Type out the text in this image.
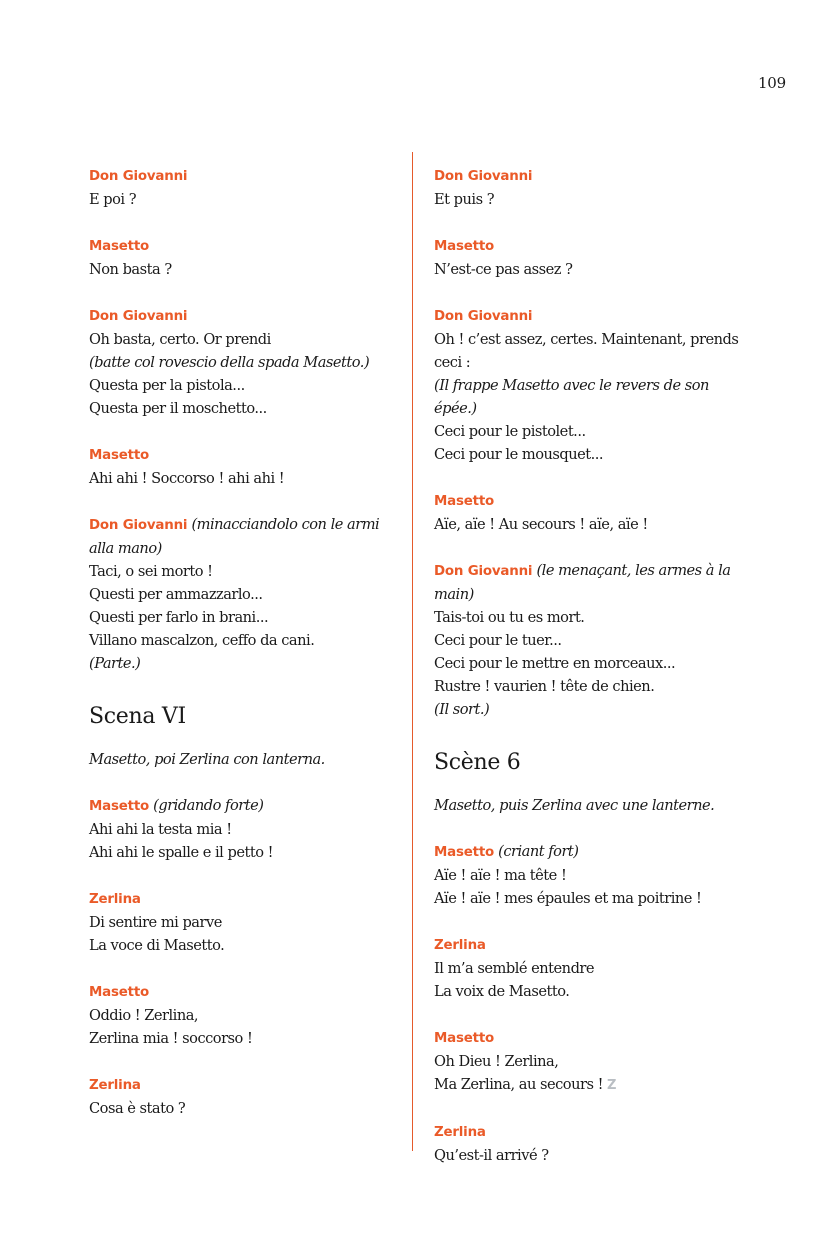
109
Don Giovanni
E poi ?
Masetto
Non basta ?
Don Giovanni
Oh basta, certo. Or prendi
(batte col rovescio della spada Masetto.)
Questa per la pistola...
Questa per il moschetto...
Masetto
Ahi ahi ! Soccorso ! ahi ahi !
Don Giovanni (minacciandolo con le armi
alla mano)
Taci, o sei morto !
Questi per ammazzarlo...
Questi per farlo in brani...
Villano mascalzon, ceffo da cani.
(Parte.)
Scena VI
Masetto, poi Zerlina con lanterna.
Masetto (gridando forte)
Ahi ahi la testa mia !
Ahi ahi le spalle e il petto !
Zerlina
Di sentire mi parve
La voce di Masetto.
Masetto
Oddio ! Zerlina,
Zerlina mia ! soccorso !
Zerlina
Cosa è stato ?
Don Giovanni
Et puis ?
Masetto
N’est-ce pas assez ?
Don Giovanni
Oh ! c’est assez, certes. Maintenant, prends ceci :
(Il frappe Masetto avec le revers de son épée.)
Ceci pour le pistolet...
Ceci pour le mousquet...
Masetto
Aïe, aïe ! Au secours ! aïe, aïe !
Don Giovanni (le menaçant, les armes à la
main)
Tais-toi ou tu es mort.
Ceci pour le tuer...
Ceci pour le mettre en morceaux...
Rustre ! vaurien ! tête de chien.
(Il sort.)
Scène 6
Masetto, puis Zerlina avec une lanterne.
Masetto (criant fort)
Aïe ! aïe ! ma tête !
Aïe ! aïe ! mes épaules et ma poitrine !
Zerlina
Il m’a semblé entendre
La voix de Masetto.
Masetto
Oh Dieu ! Zerlina,
Ma Zerlina, au secours ! Z
Zerlina
Qu’est-il arrivé ?
